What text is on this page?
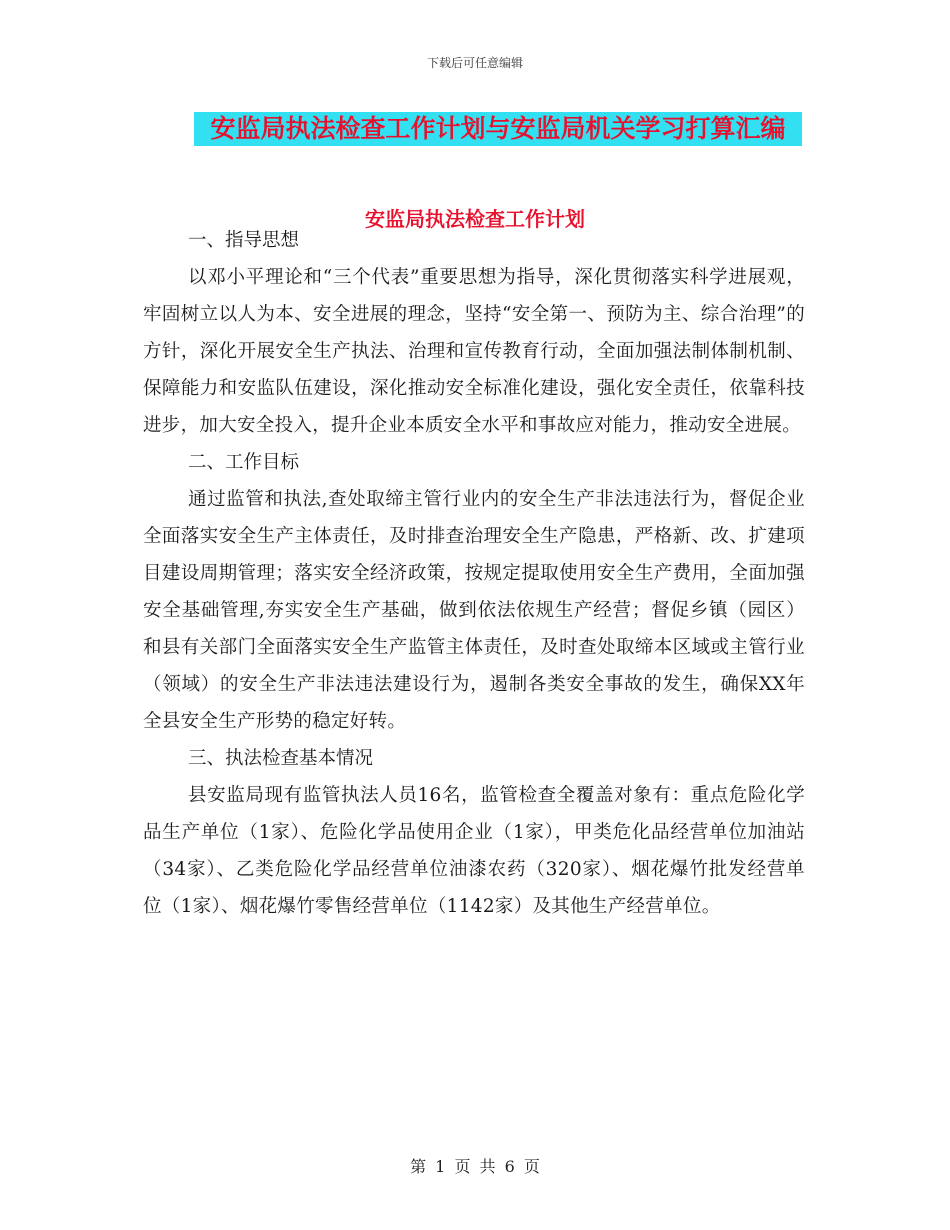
下载后可任意编辑
安监局执法检查工作计划与安监局机关学习打算汇编
安监局执法检查工作计划

一、指导思想

以邓小平理论和“三个代表”重要思想为指导，深化贯彻落实科学进展观，牢固树立以人为本、安全进展的理念，坚持“安全第一、预防为主、综合治理”的方针，深化开展安全生产执法、治理和宣传教育行动，全面加强法制体制机制、保障能力和安监队伍建设，深化推动安全标准化建设，强化安全责任，依靠科技进步，加大安全投入，提升企业本质安全水平和事故应对能力，推动安全进展。

二、工作目标

通过监管和执法,查处取缔主管行业内的安全生产非法违法行为，督促企业全面落实安全生产主体责任，及时排查治理安全生产隐患，严格新、改、扩建项目建设周期管理；落实安全经济政策，按规定提取使用安全生产费用，全面加强安全基础管理,夯实安全生产基础，做到依法依规生产经营；督促乡镇（园区）和县有关部门全面落实安全生产监管主体责任，及时查处取缔本区域或主管行业（领域）的安全生产非法违法建设行为，遏制各类安全事故的发生，确保XX年全县安全生产形势的稳定好转。

三、执法检查基本情况

县安监局现有监管执法人员16名，监管检查全覆盖对象有：重点危险化学品生产单位（1家）、危险化学品使用企业（1家），甲类危化品经营单位加油站（34家）、乙类危险化学品经营单位油漆农药（320家）、烟花爆竹批发经营单位（1家）、烟花爆竹零售经营单位（1142家）及其他生产经营单位。

第 1 页 共 6 页
